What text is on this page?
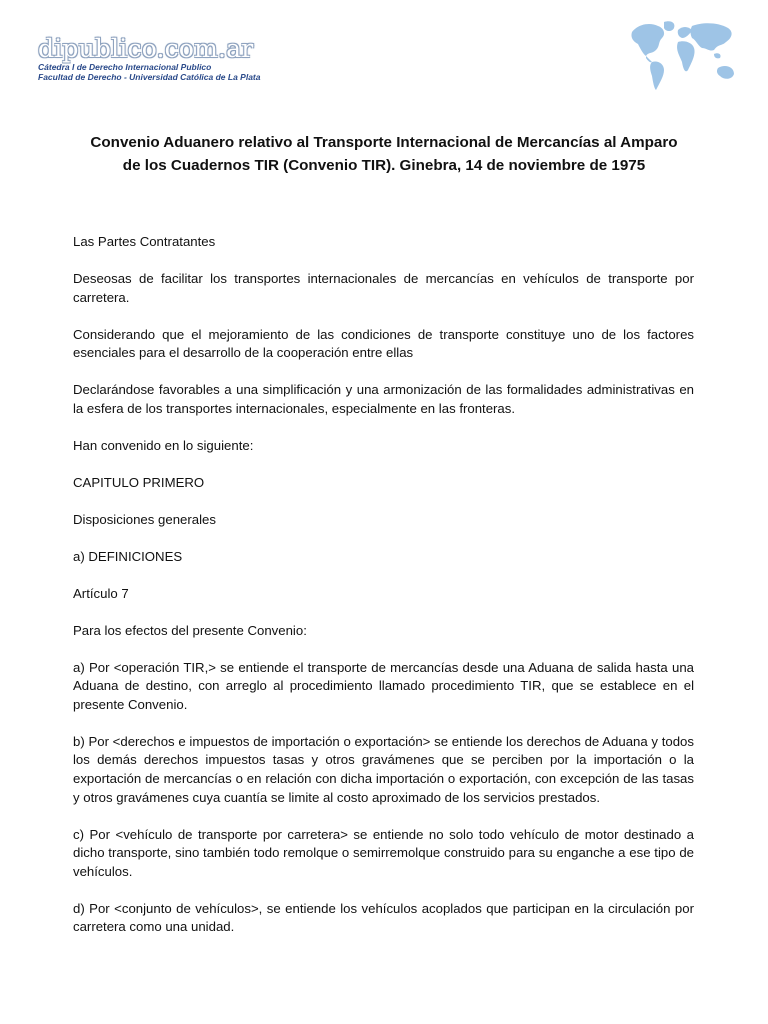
dipublico.com.ar
Cátedra I de Derecho Internacional Publico
Facultad de Derecho - Universidad Católica de La Plata
Convenio Aduanero relativo al Transporte Internacional de Mercancías al Amparo
de los Cuadernos TIR (Convenio TIR). Ginebra, 14 de noviembre de 1975

Las Partes Contratantes

Deseosas de facilitar los transportes internacionales de mercancías en vehículos de transporte por carretera.

Considerando que el mejoramiento de las condiciones de transporte constituye uno de los factores esenciales para el desarrollo de la cooperación entre ellas

Declarándose favorables a una simplificación y una armonización de las formalidades administrativas en la esfera de los transportes internacionales, especialmente en las fronteras.

Han convenido en lo siguiente:

CAPITULO PRIMERO

Disposiciones generales

a) DEFINICIONES

Artículo 7

Para los efectos del presente Convenio:

a) Por <operación TIR,> se entiende el transporte de mercancías desde una Aduana de salida hasta una Aduana de destino, con arreglo al procedimiento llamado procedimiento TIR, que se establece en el presente Convenio.

b) Por <derechos e impuestos de importación o exportación> se entiende los derechos de Aduana y todos los demás derechos impuestos tasas y otros gravámenes que se perciben por la importación o la exportación de mercancías o en relación con dicha importación o exportación, con excepción de las tasas y otros gravámenes cuya cuantía se limite al costo aproximado de los servicios prestados.

c) Por <vehículo de transporte por carretera> se entiende no solo todo vehículo de motor destinado a dicho transporte, sino también todo remolque o semirremolque construido para su enganche a ese tipo de vehículos.

d) Por <conjunto de vehículos>, se entiende los vehículos acoplados que participan en la circulación por carretera como una unidad.
